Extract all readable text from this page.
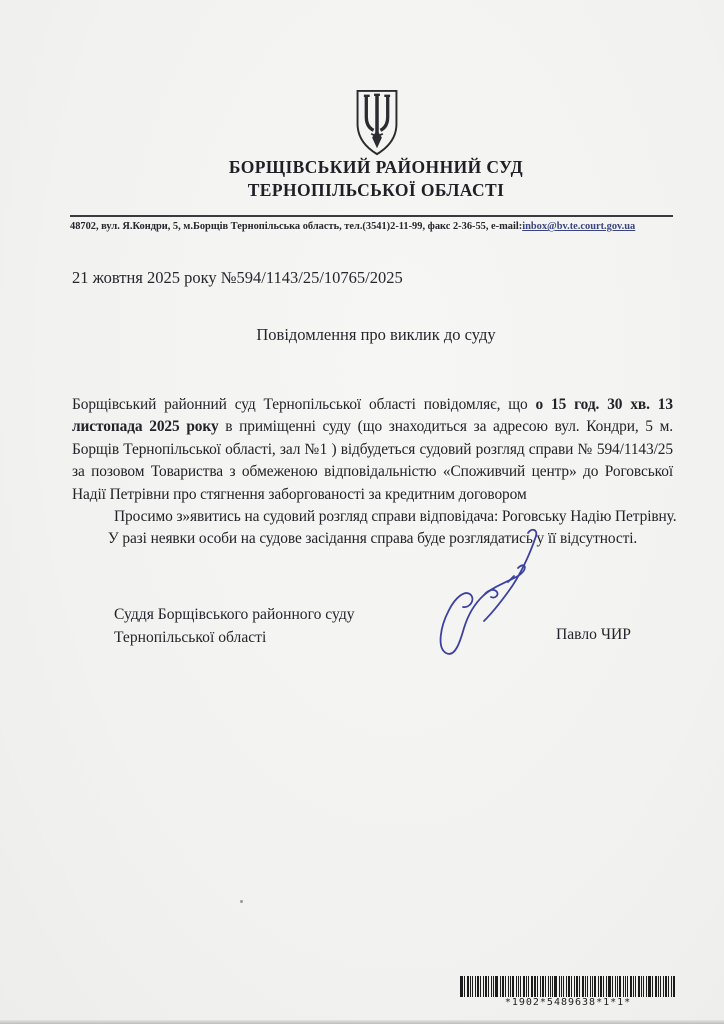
БОРЩІВСЬКИЙ РАЙОННИЙ СУД
ТЕРНОПІЛЬСЬКОЇ ОБЛАСТІ
48702, вул. Я.Кондри, 5, м.Борщів Тернопільська область, тел.(3541)2-11-99, факс 2-36-55, e-mail:inbox@bv.te.court.gov.ua
21 жовтня 2025 року №594/1143/25/10765/2025
Повідомлення про виклик до суду

Борщівський районний суд Тернопільської області повідомляє, що о 15 год. 30 хв. 13 листопада 2025 року в приміщенні суду (що знаходиться за адресою вул. Кондри, 5 м. Борщів Тернопільської області, зал №1 ) відбудеться судовий розгляд справи № 594/1143/25 за позовом Товариства з обмеженою відповідальністю «Споживчий центр» до Роговської Надії Петрівни про стягнення заборгованості за кредитним договором

Просимо з»явитись на судовий розгляд справи відповідача: Роговську Надію Петрівну.

У разі неявки особи на судове засідання справа буде розглядатись у її відсутності.

Суддя Борщівського районного суду
Тернопільської області	Павло ЧИР
*1902*5489638*1*1*
